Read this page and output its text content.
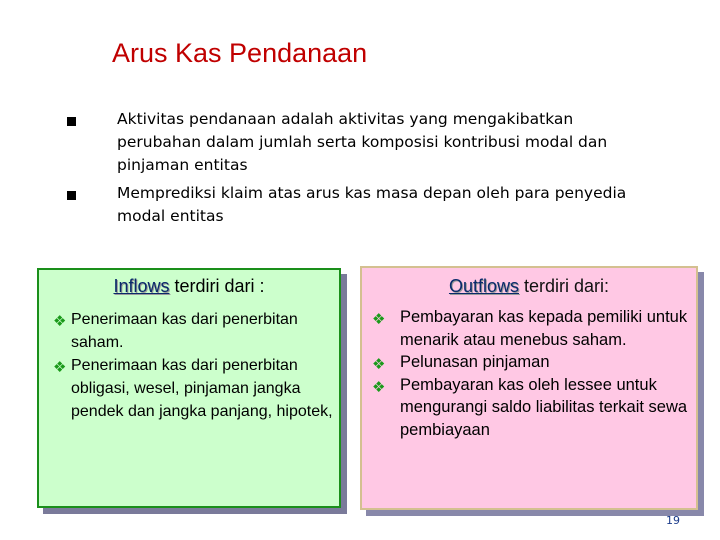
Arus Kas Pendanaan
Aktivitas pendanaan adalah aktivitas yang mengakibatkan perubahan dalam jumlah serta komposisi kontribusi modal dan pinjaman entitas
Memprediksi klaim atas arus kas masa depan oleh para penyedia modal entitas
Inflows terdiri dari :
❖ Penerimaan kas dari penerbitan saham.
❖ Penerimaan kas dari penerbitan obligasi, wesel, pinjaman jangka pendek dan jangka panjang, hipotek,
Outflows terdiri dari:
❖ Pembayaran kas kepada pemiliki untuk menarik atau menebus saham.
❖ Pelunasan pinjaman
❖ Pembayaran kas oleh lessee untuk mengurangi saldo liabilitas terkait sewa pembiayaan
19
